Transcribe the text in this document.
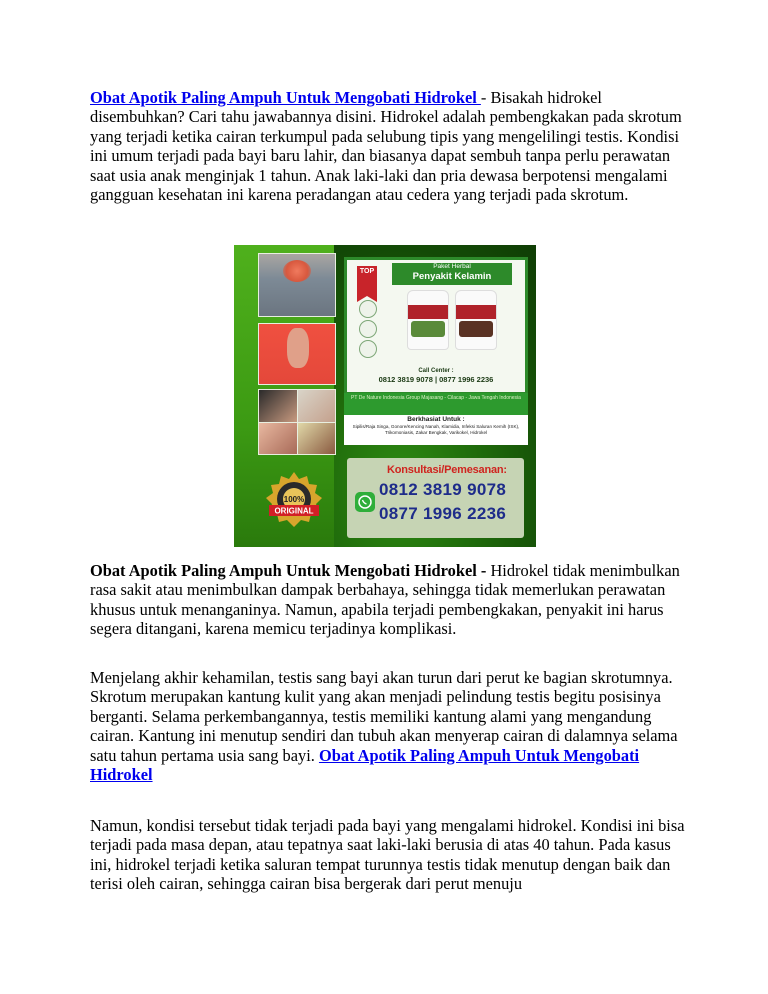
Obat Apotik Paling Ampuh Untuk Mengobati Hidrokel - Bisakah hidrokel disembuhkan? Cari tahu jawabannya disini. Hidrokel adalah pembengkakan pada skrotum yang terjadi ketika cairan terkumpul pada selubung tipis yang mengelilingi testis. Kondisi ini umum terjadi pada bayi baru lahir, dan biasanya dapat sembuh tanpa perlu perawatan saat usia anak menginjak 1 tahun. Anak laki-laki dan pria dewasa berpotensi mengalami gangguan kesehatan ini karena peradangan atau cedera yang terjadi pada skrotum.

Obat Apotik Paling Ampuh Untuk Mengobati Hidrokel - Hidrokel tidak menimbulkan rasa sakit atau menimbulkan dampak berbahaya, sehingga tidak memerlukan perawatan khusus untuk menanganinya. Namun, apabila terjadi pembengkakan, penyakit ini harus segera ditangani, karena memicu terjadinya komplikasi.

Menjelang akhir kehamilan, testis sang bayi akan turun dari perut ke bagian skrotumnya. Skrotum merupakan kantung kulit yang akan menjadi pelindung testis begitu posisinya berganti. Selama perkembangannya, testis memiliki kantung alami yang mengandung cairan. Kantung ini menutup sendiri dan tubuh akan menyerap cairan di dalamnya selama satu tahun pertama usia sang bayi. Obat Apotik Paling Ampuh Untuk Mengobati Hidrokel

Namun, kondisi tersebut tidak terjadi pada bayi yang mengalami hidrokel. Kondisi ini bisa terjadi pada masa depan, atau tepatnya saat laki-laki berusia di atas 40 tahun. Pada kasus ini, hidrokel terjadi ketika saluran tempat turunnya testis tidak menutup dengan baik dan terisi oleh cairan, sehingga cairan bisa bergerak dari perut menuju

100%
ORIGINAL
TOP
Paket Herbal
Penyakit Kelamin
Call Center :
0812 3819 9078 | 0877 1996 2236
PT De Nature Indonesia Group Majasang - Cilacap - Jawa Tengah Indonesia
Berkhasiat Untuk :
Sipilis/Raja Singa, Gonore/Kencing Nanah, Klamidia, Infeksi Saluran Kemih (ISK), Trikomoniasis, Zakar Bengkak, Varikokel, Hidrokel
Konsultasi/Pemesanan:
0812 3819 9078
0877 1996 2236
